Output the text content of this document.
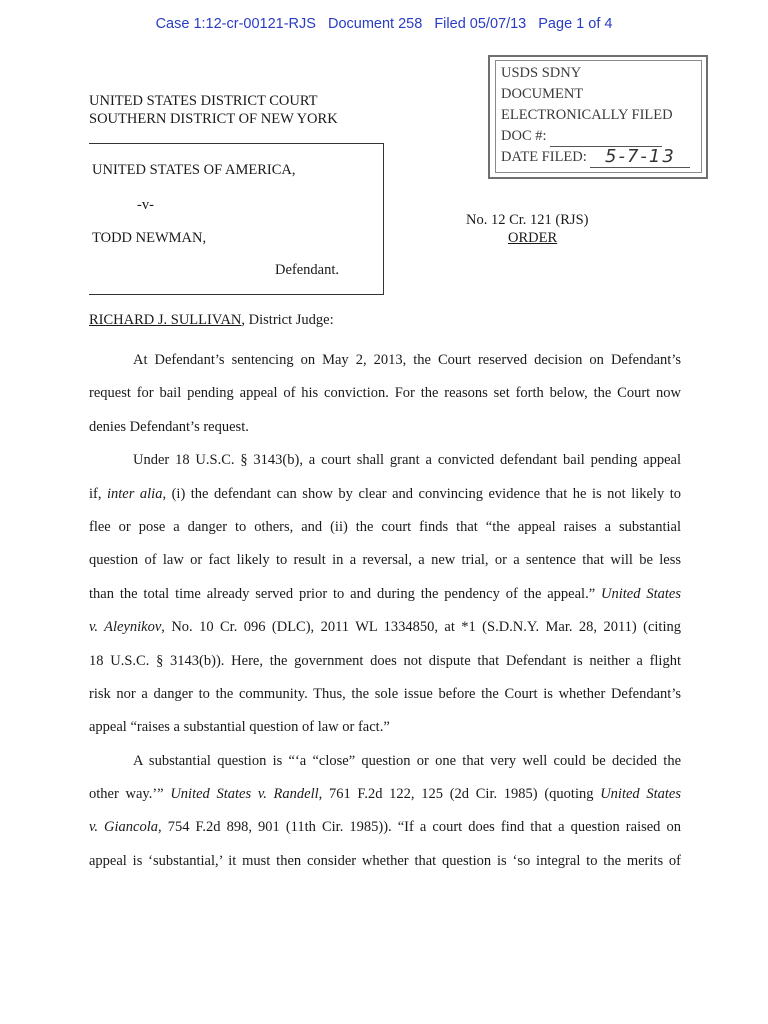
Case 1:12-cr-00121-RJS Document 258 Filed 05/07/13 Page 1 of 4
USDS SDNY
DOCUMENT
ELECTRONICALLY FILED
DOC #:
DATE FILED: 5-7-13
UNITED STATES DISTRICT COURT
SOUTHERN DISTRICT OF NEW YORK
UNITED STATES OF AMERICA,
-v-
TODD NEWMAN,
Defendant.
No. 12 Cr. 121 (RJS)
ORDER
RICHARD J. SULLIVAN, District Judge:
At Defendant’s sentencing on May 2, 2013, the Court reserved decision on Defendant’s
request for bail pending appeal of his conviction. For the reasons set forth below, the Court now
denies Defendant’s request.
Under 18 U.S.C. § 3143(b), a court shall grant a convicted defendant bail pending appeal
if, inter alia, (i) the defendant can show by clear and convincing evidence that he is not likely to
flee or pose a danger to others, and (ii) the court finds that “the appeal raises a substantial
question of law or fact likely to result in a reversal, a new trial, or a sentence that will be less
than the total time already served prior to and during the pendency of the appeal.” United States
v. Aleynikov, No. 10 Cr. 096 (DLC), 2011 WL 1334850, at *1 (S.D.N.Y. Mar. 28, 2011) (citing
18 U.S.C. § 3143(b)). Here, the government does not dispute that Defendant is neither a flight
risk nor a danger to the community. Thus, the sole issue before the Court is whether Defendant’s
appeal “raises a substantial question of law or fact.”
A substantial question is “‘a “close” question or one that very well could be decided the
other way.’” United States v. Randell, 761 F.2d 122, 125 (2d Cir. 1985) (quoting United States
v. Giancola, 754 F.2d 898, 901 (11th Cir. 1985)). “If a court does find that a question raised on
appeal is ‘substantial,’ it must then consider whether that question is ‘so integral to the merits of
